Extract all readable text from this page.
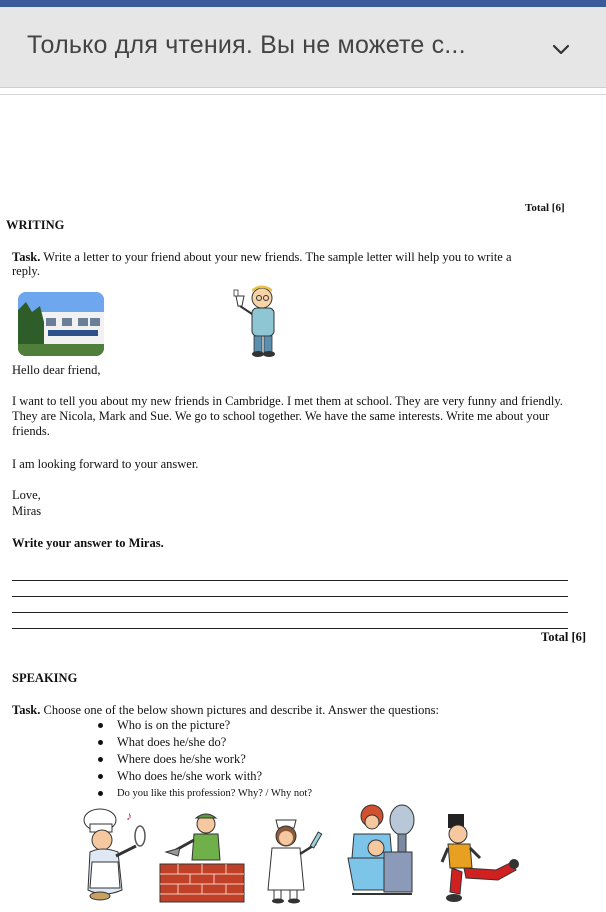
Только для чтения. Вы не можете с...
Total [6]
WRITING
Task. Write a letter to your friend about your new friends. The sample letter will help you to write a reply.
Hello dear friend,
I want to tell you about my new friends in Cambridge. I met them at school. They are very funny and friendly. They are Nicola, Mark and Sue. We go to school together. We have the same interests. Write me about your friends.
I am looking forward to your answer.
Love,
Miras
Write your answer to Miras.
Total [6]
SPEAKING
Task. Choose one of the below shown pictures and describe it. Answer the questions:
Who is on the picture?
What does he/she do?
Where does he/she work?
Who does he/she work with?
Do you like this profession? Why? / Why not?
♪
